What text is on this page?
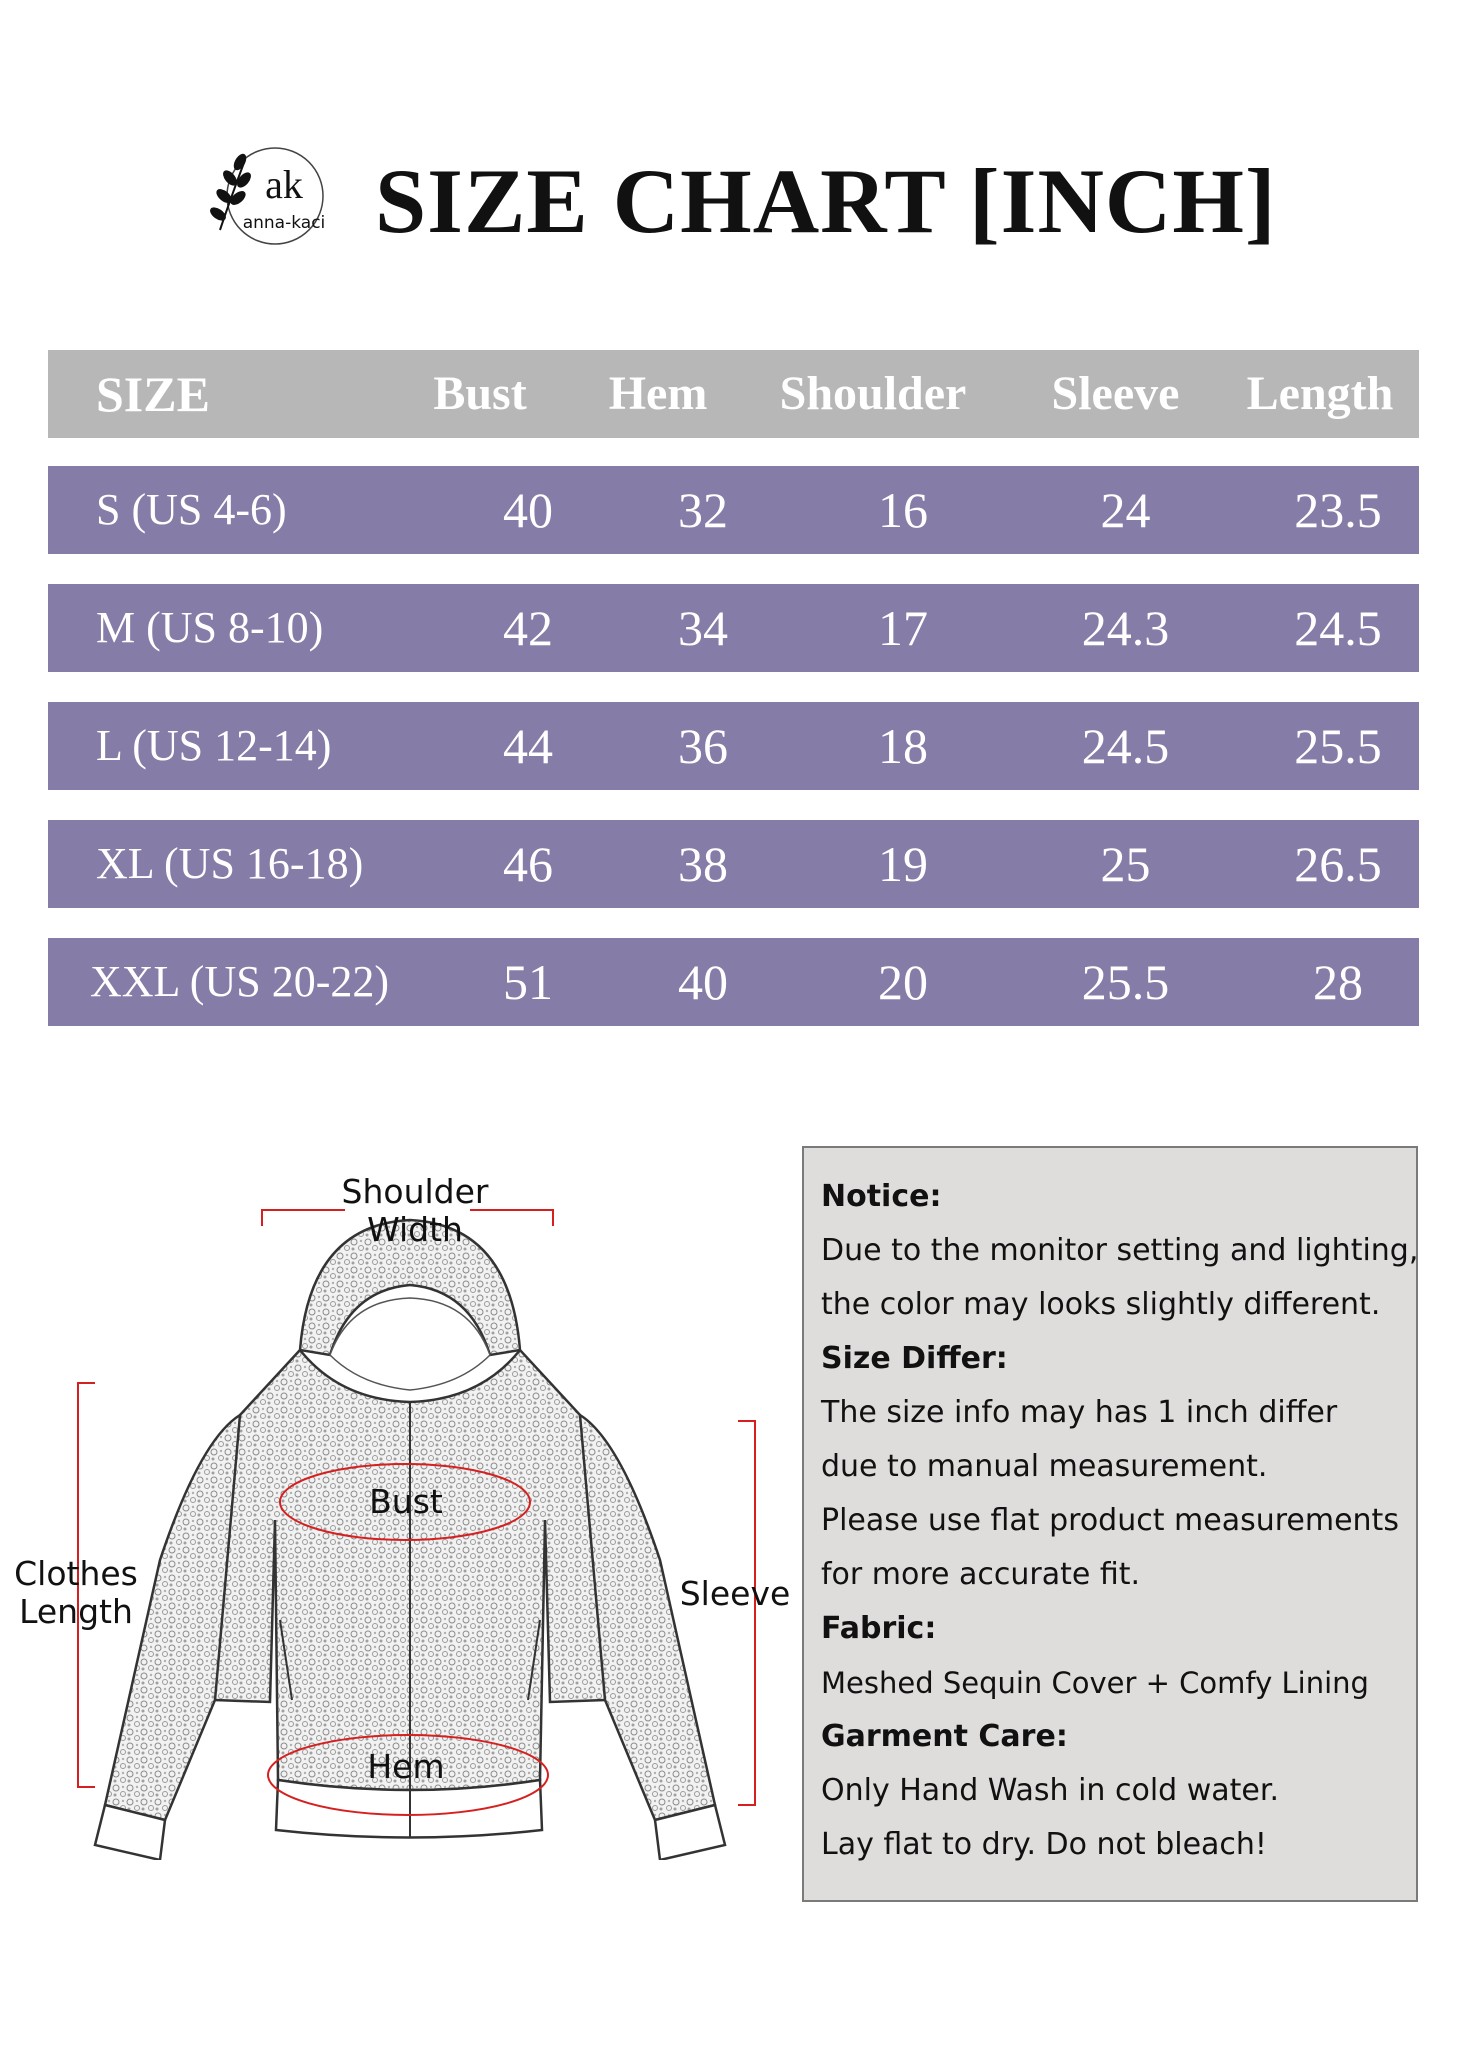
ak
anna-kaci SIZE CHART [INCH]
SIZE	Bust	Hem	Shoulder	Sleeve	Length
S (US 4-6)	40	32	16	24	23.5
M (US 8-10)	42	34	17	24.3	24.5
L (US 12-14)	44	36	18	24.5	25.5
XL (US 16-18)	46	38	19	25	26.5
XXL (US 20-22)	51	40	20	25.5	28
Shoulder
Width
Bust
Hem
Clothes
Length	Sleeve
Notice:
Due to the monitor setting and lighting,
the color may looks slightly different.
Size Differ:
The size info may has 1 inch differ
due to manual measurement.
Please use flat product measurements
for more accurate fit.
Fabric:
Meshed Sequin Cover + Comfy Lining
Garment Care:
Only Hand Wash in cold water.
Lay flat to dry. Do not bleach!
